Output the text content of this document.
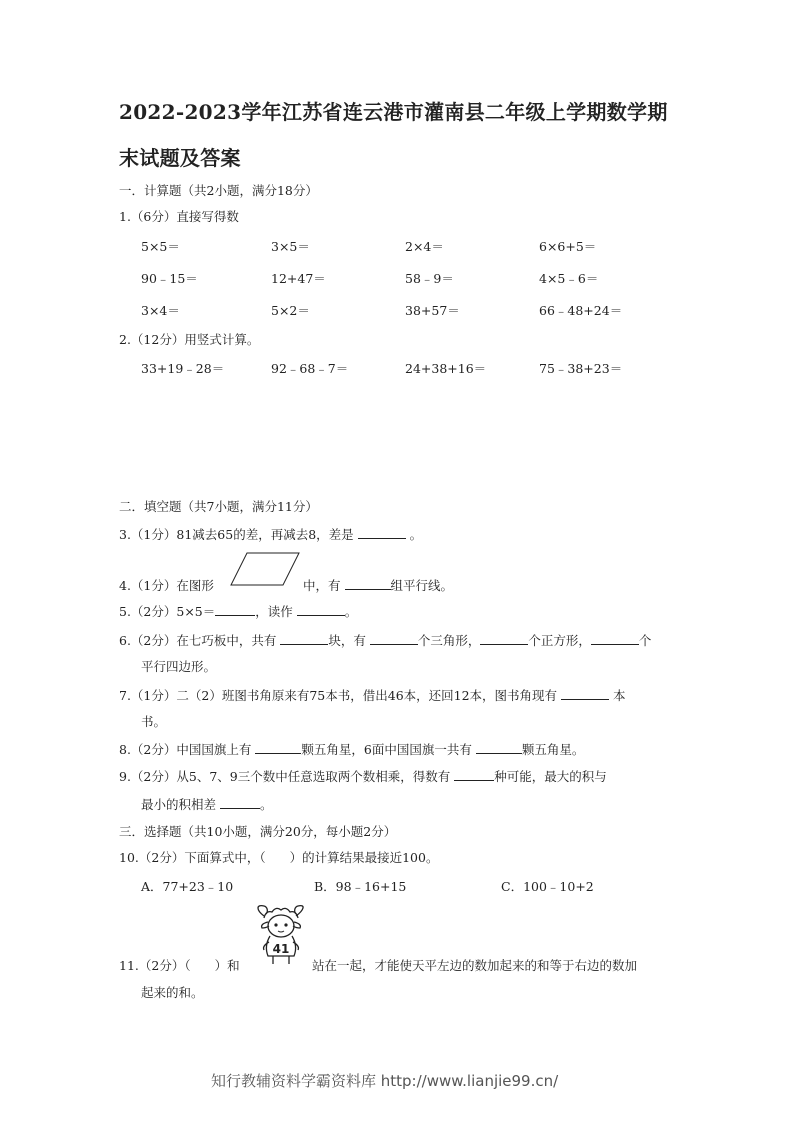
2022-2023学年江苏省连云港市灌南县二年级上学期数学期
末试题及答案
一．计算题（共2小题，满分18分）
1.（6分）直接写得数
5×5＝	3×5＝	2×4＝	6×6+5＝
90﹣15＝	12+47＝	58﹣9＝	4×5﹣6＝
3×4＝	5×2＝	38+57＝	66﹣48+24＝
2.（12分）用竖式计算。
33+19﹣28＝	92﹣68﹣7＝	24+38+16＝	75﹣38+23＝
二．填空题（共7小题，满分11分）
3.（1分）81减去65的差，再减去8，差是	。
4.（1分）在图形	中，有	组平行线。
5.（2分）5×5＝	，读作	。
6.（2分）在七巧板中，共有	块，有	个三角形，	个正方形，	个
平行四边形。
7.（1分）二（2）班图书角原来有75本书，借出46本，还回12本，图书角现有	本
书。
8.（2分）中国国旗上有	颗五角星，6面中国国旗一共有	颗五角星。
9.（2分）从5、7、9三个数中任意选取两个数相乘，得数有	种可能，最大的积与
最小的积相差	。
三．选择题（共10小题，满分20分，每小题2分）
10.（2分）下面算式中，（ ）的计算结果最接近100。
A．77+23﹣10	B．98﹣16+15	C．100﹣10+2
11.（2分）（ ）和
41
站在一起，才能使天平左边的数加起来的和等于右边的数加
起来的和。
知行教辅资料学霸资料库 http://www.lianjie99.cn/
